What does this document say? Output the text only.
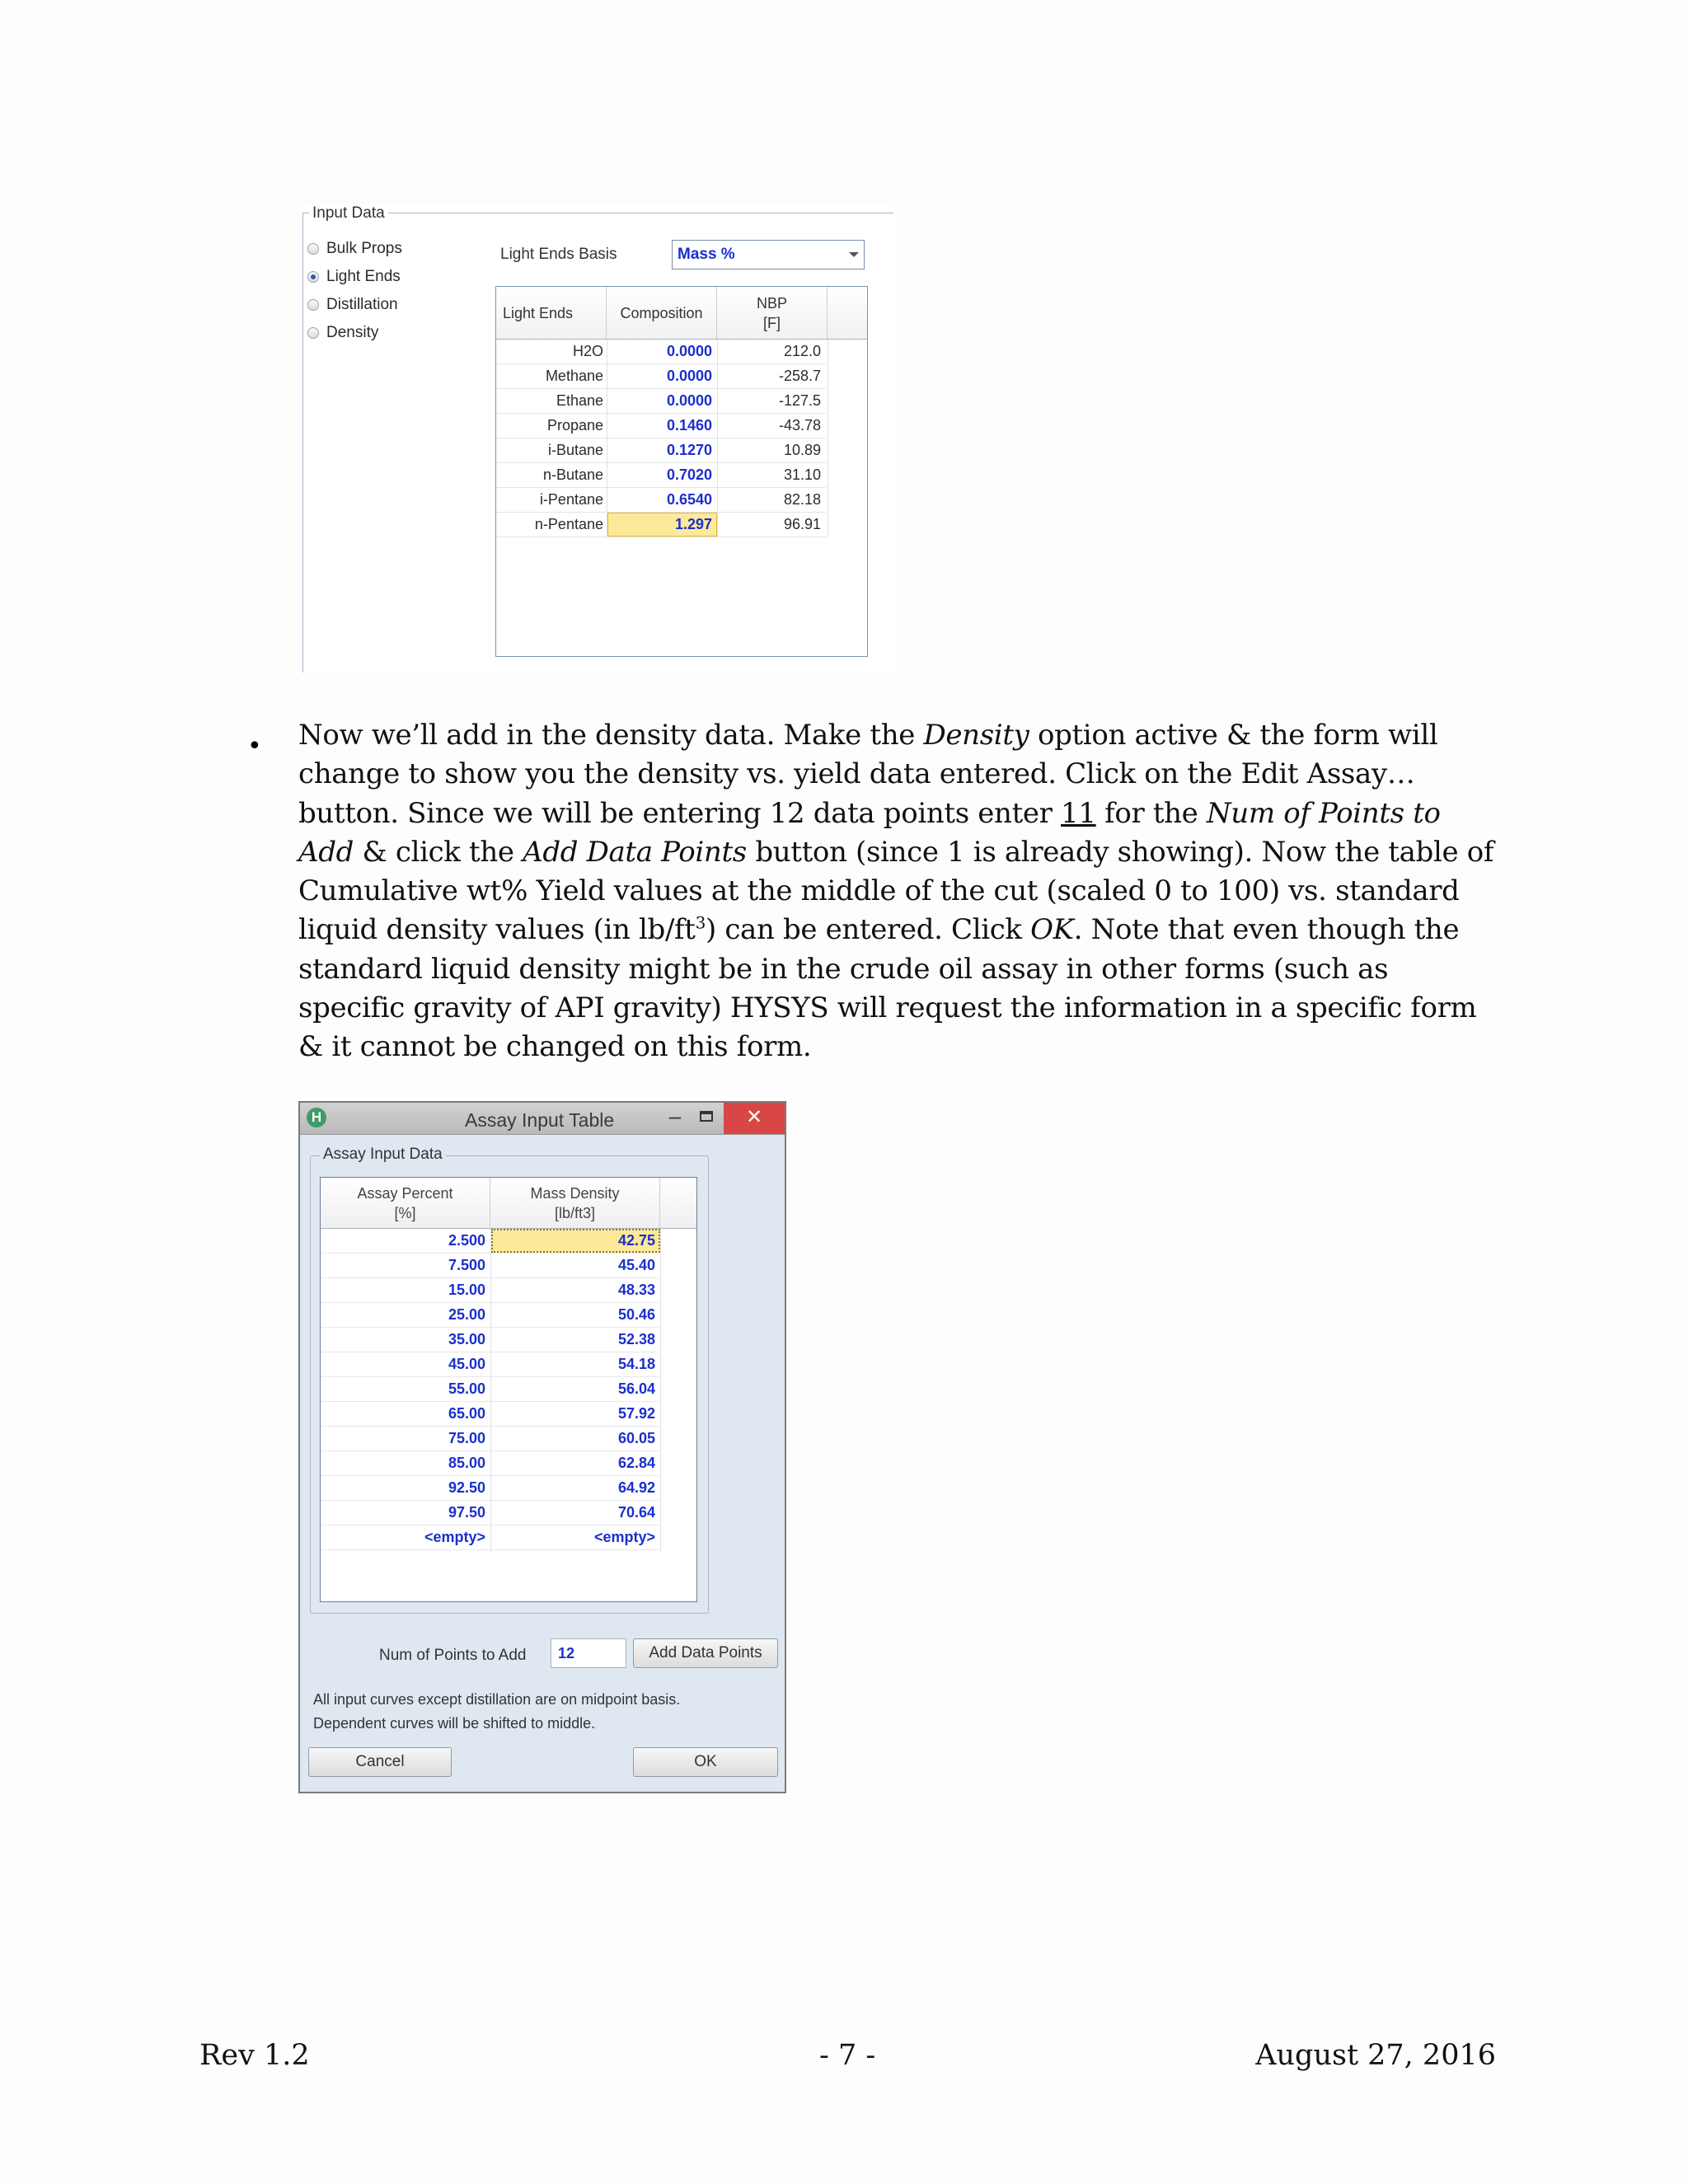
Input Data
Bulk Props
Light Ends
Distillation
Density
Light Ends Basis	Mass %
Light Ends	Composition
NBP
[F]
H2O	0.0000	212.0
Methane	0.0000	-258.7
Ethane	0.0000	-127.5
Propane	0.1460	-43.78
i-Butane	0.1270	10.89
n-Butane	0.7020	31.10
i-Pentane	0.6540	82.18
n-Pentane	1.297	96.91
• Now we’ll add in the density data. Make the Density option active & the form will change to show you the density vs. yield data entered. Click on the Edit Assay… button. Since we will be entering 12 data points enter 11 for the Num of Points to Add & click the Add Data Points button (since 1 is already showing). Now the table of Cumulative wt% Yield values at the middle of the cut (scaled 0 to 100) vs. standard liquid density values (in $lb/ft^3$) can be entered. Click OK. Note that even though the standard liquid density might be in the crude oil assay in other forms (such as specific gravity of API gravity) HYSYS will request the information in a specific form & it cannot be changed on this form.
H	Assay Input Table	–	✕
Assay Input Data
Assay Percent
[%]
Mass Density
[lb/ft3]
2.500	42.75
7.500	45.40
15.00	48.33
25.00	50.46
35.00	52.38
45.00	54.18
55.00	56.04
65.00	57.92
75.00	60.05
85.00	62.84
92.50	64.92
97.50	70.64
<empty>	<empty>
Num of Points to Add	12	Add Data Points
All input curves except distillation are on midpoint basis. Dependent curves will be shifted to middle.
Cancel	OK
Rev 1.2	- 7 -	August 27, 2016
